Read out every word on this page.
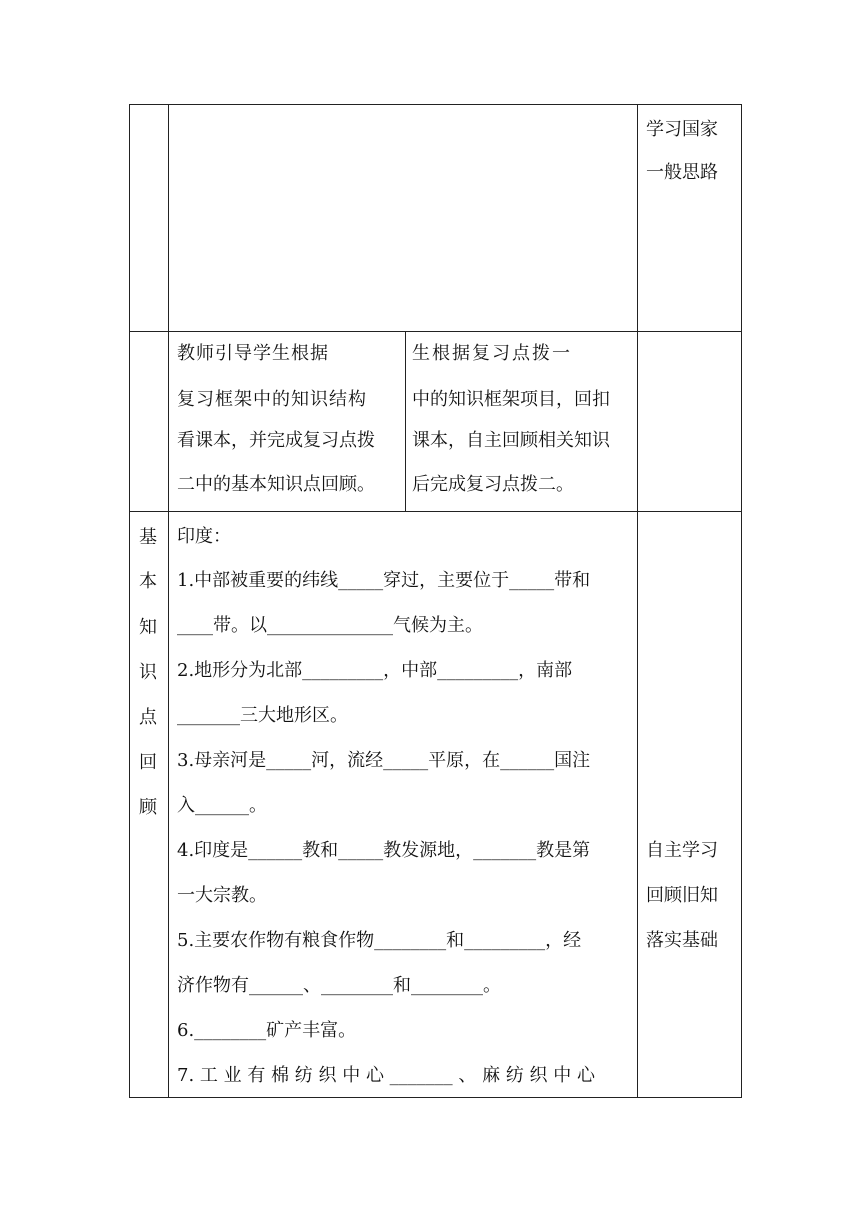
学习国家
一般思路
教师引导学生根据
复习框架中的知识结构
看课本，并完成复习点拨
二中的基本知识点回顾。
生根据复习点拨一
中的知识框架项目，回扣
课本，自主回顾相关知识
后完成复习点拨二。
基
本
知
识
点
回
顾
印度：
1.中部被重要的纬线_____穿过，主要位于_____带和
____带。以______________气候为主。
2.地形分为北部_________，中部_________，南部
_______三大地形区。
3.母亲河是_____河，流经_____平原，在______国注
入______。
4.印度是______教和_____教发源地，_______教是第
一大宗教。
5.主要农作物有粮食作物________和_________，经
济作物有______、________和________。
6.________矿产丰富。
7. 工 业 有 棉 纺 织 中 心 _______ 、 麻 纺 织 中 心
自主学习
回顾旧知
落实基础
